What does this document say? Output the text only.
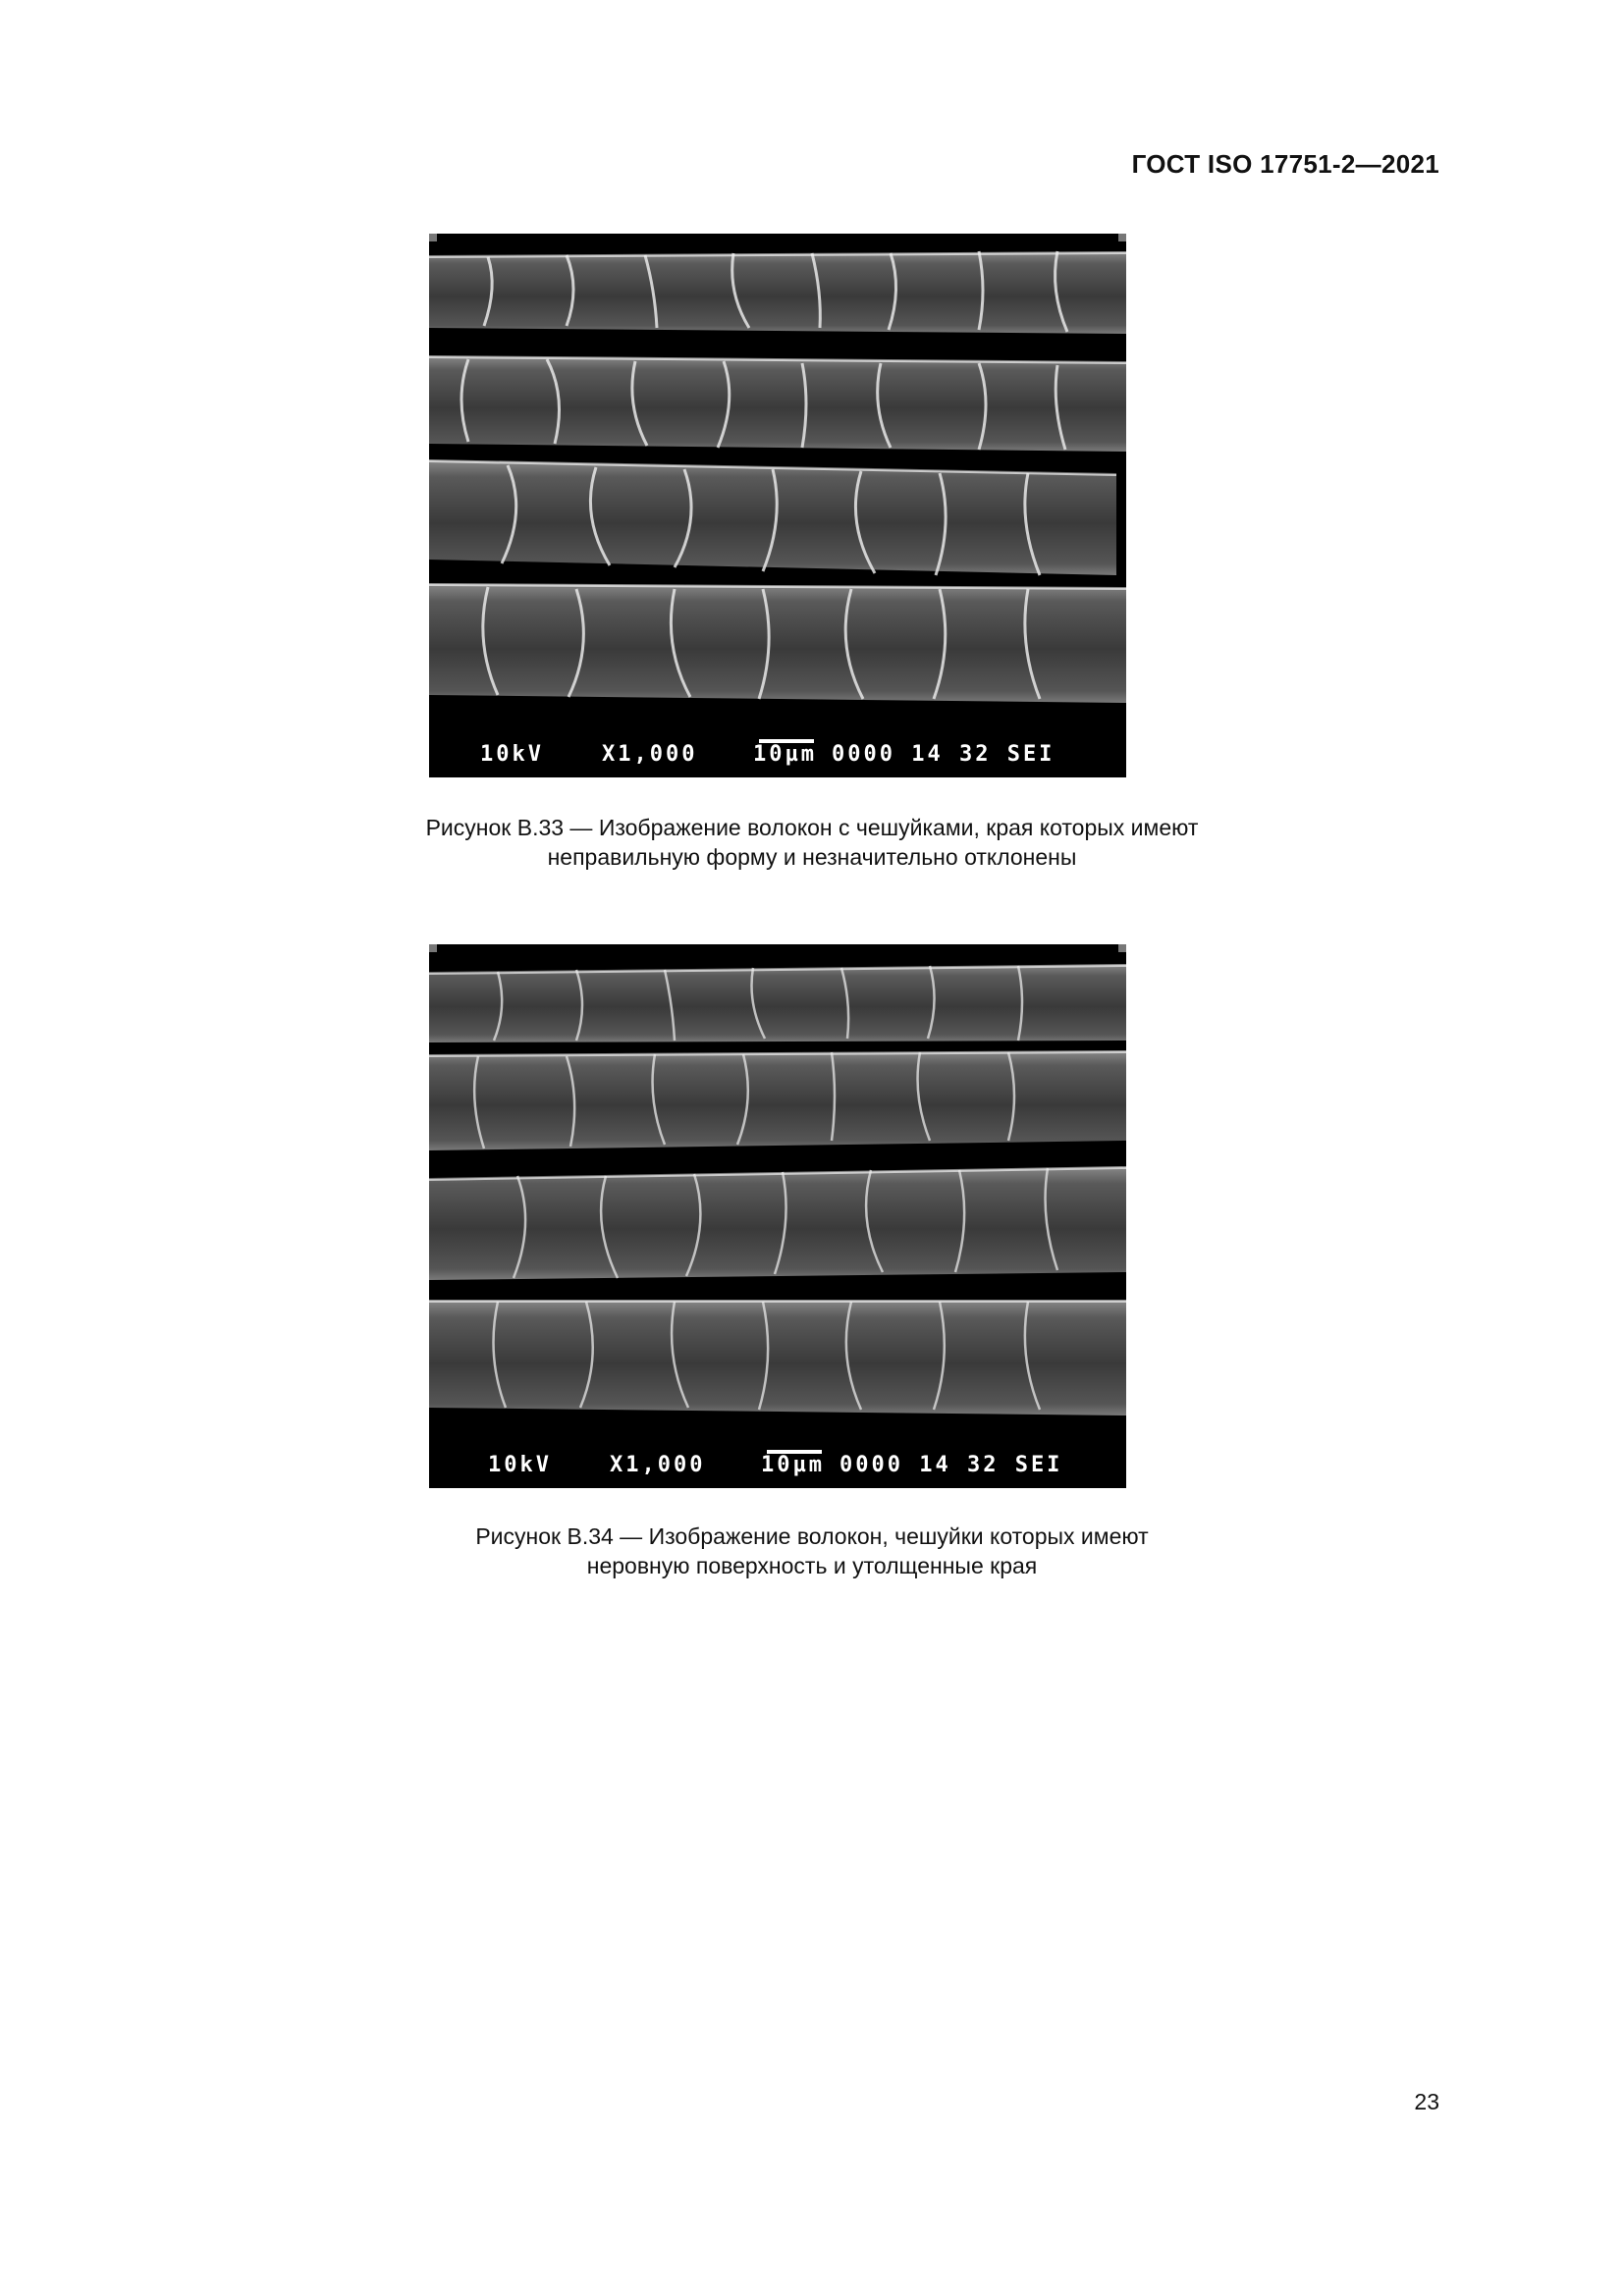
ГОСТ ISO 17751-2—2021

10kV

	X1,000

	10µm

0000 14 32 SEI

Рисунок В.33 — Изображение волокон с чешуйками, края которых имеют
неправильную форму и незначительно отклонены

10kV

	X1,000

	10µm

0000 14 32 SEI

Рисунок В.34 — Изображение волокон, чешуйки которых имеют
неровную поверхность и утолщенные края
23
